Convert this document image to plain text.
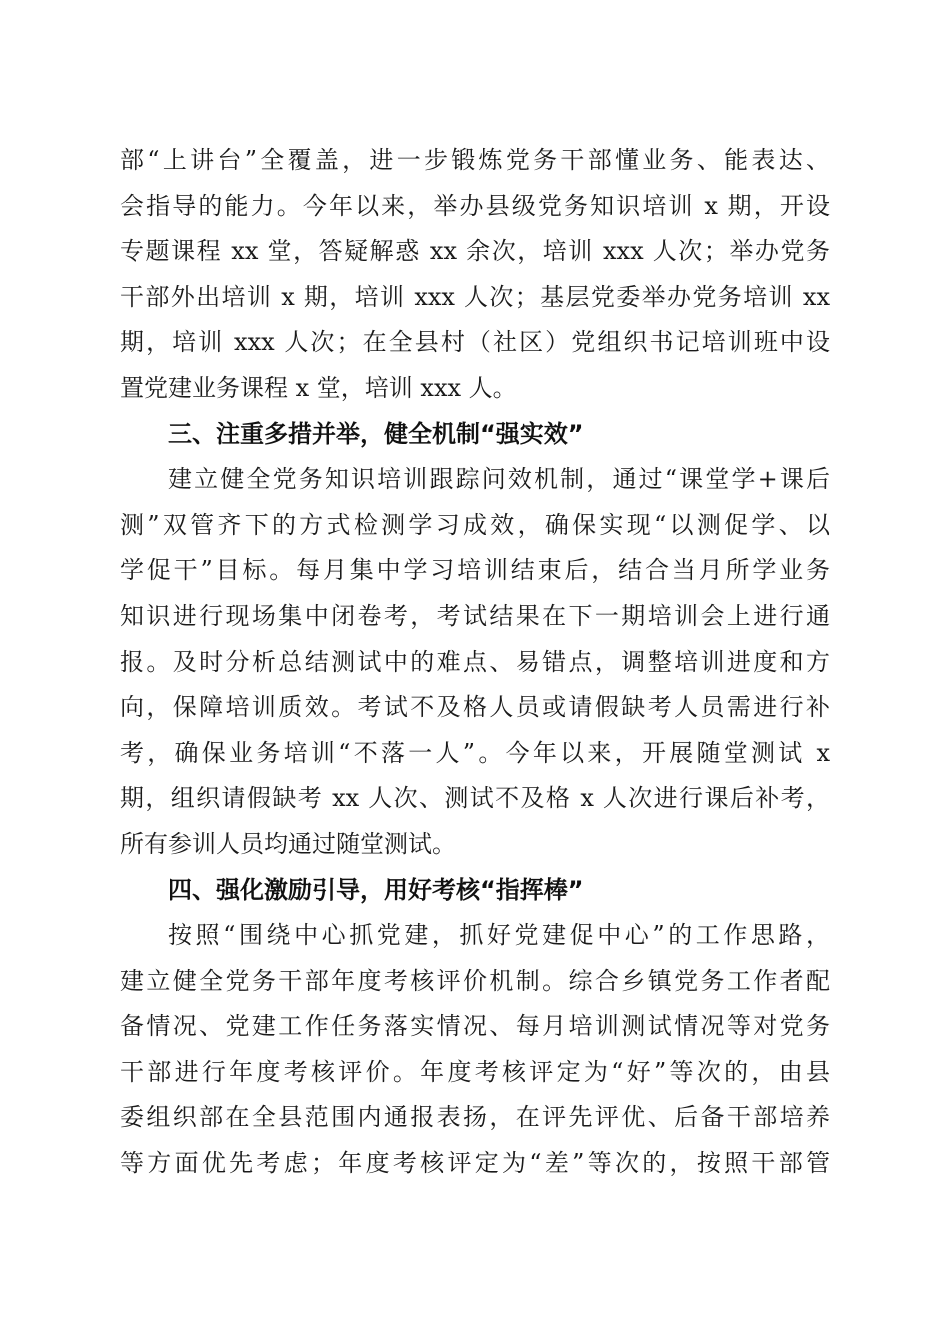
部“上讲台”全覆盖，进一步锻炼党务干部懂业务、能表达、
会指导的能力。今年以来，举办县级党务知识培训 x 期，开设
专题课程 xx 堂，答疑解惑 xx 余次，培训 xxx 人次；举办党务
干部外出培训 x 期，培训 xxx 人次；基层党委举办党务培训 xx
期，培训 xxx 人次；在全县村（社区）党组织书记培训班中设
置党建业务课程 x 堂，培训 xxx 人。
三、注重多措并举，健全机制“强实效”
建立健全党务知识培训跟踪问效机制，通过“课堂学+课后
测”双管齐下的方式检测学习成效，确保实现“以测促学、以
学促干”目标。每月集中学习培训结束后，结合当月所学业务
知识进行现场集中闭卷考，考试结果在下一期培训会上进行通
报。及时分析总结测试中的难点、易错点，调整培训进度和方
向，保障培训质效。考试不及格人员或请假缺考人员需进行补
考，确保业务培训“不落一人”。今年以来，开展随堂测试 x
期，组织请假缺考 xx 人次、测试不及格 x 人次进行课后补考，
所有参训人员均通过随堂测试。
四、强化激励引导，用好考核“指挥棒”
按照“围绕中心抓党建，抓好党建促中心”的工作思路，
建立健全党务干部年度考核评价机制。综合乡镇党务工作者配
备情况、党建工作任务落实情况、每月培训测试情况等对党务
干部进行年度考核评价。年度考核评定为“好”等次的，由县
委组织部在全县范围内通报表扬，在评先评优、后备干部培养
等方面优先考虑；年度考核评定为“差”等次的，按照干部管
